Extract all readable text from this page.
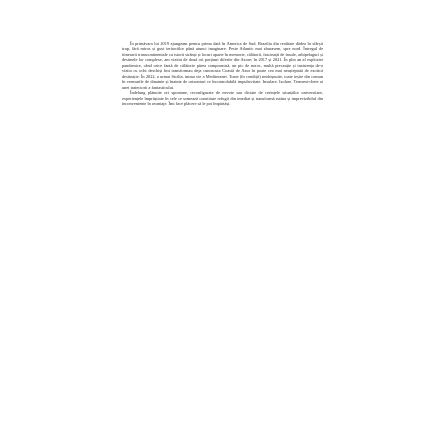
În primăvara lui 2019 ajungeam pentru prima dată în America de Sud. Brazilia din realitate dădea în sfârșit trup, fără miros și gust teritoriilor până atunci imaginare. Peste Atlantic mai zburasem, spre nord. Întregul de itinerarii transcontinentale cu istorii strânși și locuri aparte în memorie, călătorii, fascinații de insule, arhipelaguri și destinele lor complexe, am vizitat de două ori porțiuni diferite din Azore; în 2017 și 2021. În plin an al exploziei pandemice, când orice fantă de călătorie părea compromisă, un pic de noroc, multă precauție și insistența de-a vizita cu ochi deschiși îmi transformau deja cunoscuta Coastă de Azur în poate cea mai neașteptată de exotică destinație. În 2022, a urmat Sicilia, inima vie a Mediteranei. Toate (în condiții) neobișnuite, toate ieșite din comun în vremurile de dinainte și înainte de orizonturi ce încontrolabilă impulsivitate. Insulare. Izolare. Termeni-cheie ai unei traiectorii a fantasticului.

Îndelung plănuite ori spontane, reconfigurate de nevoie sau dictate de cerințele situațiilor universitare, experiențele împrăștiate în cele ce urmează constituie refugii din imediat și transformă rutina și imprevizibilul din inconveniente în avantaje. Îmi face plăcere să le pot împărtăși.
